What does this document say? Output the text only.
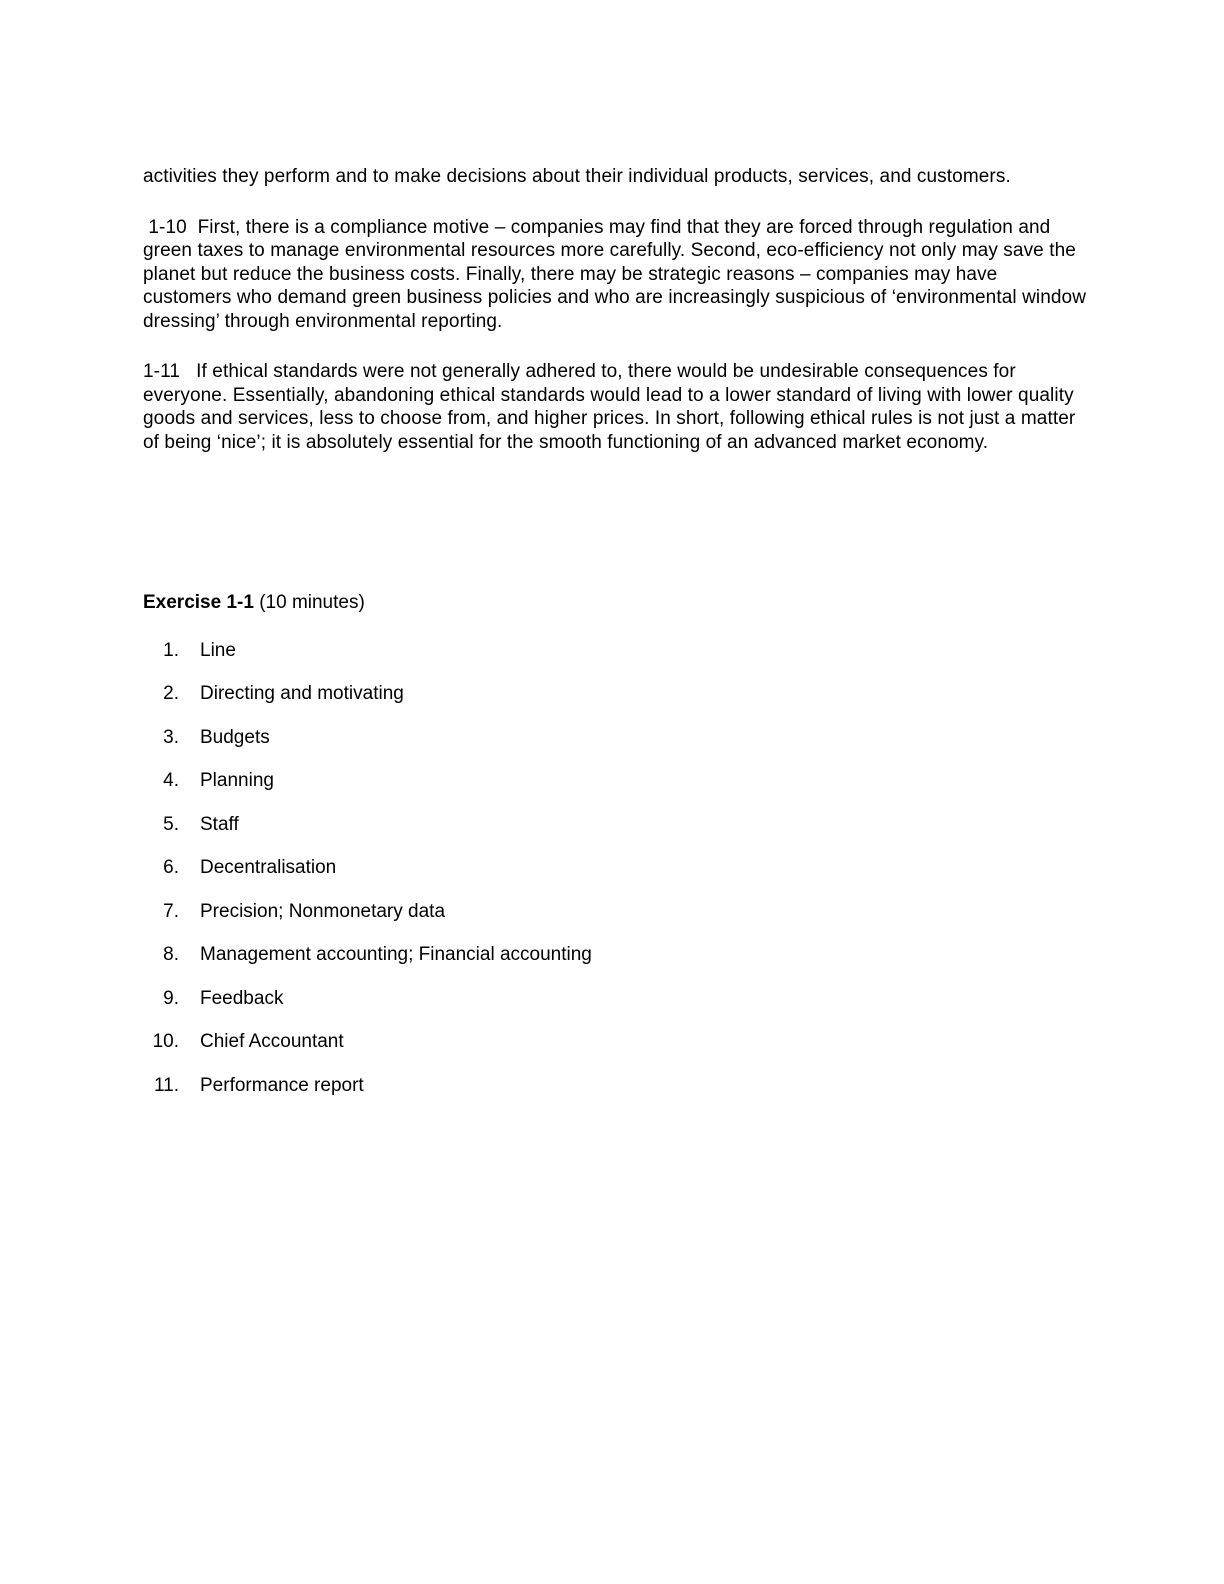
activities they perform and to make decisions about their individual products, services, and customers.

1-10  First, there is a compliance motive – companies may find that they are forced through regulation and green taxes to manage environmental resources more carefully. Second, eco-efficiency not only may save the planet but reduce the business costs. Finally, there may be strategic reasons – companies may have customers who demand green business policies and who are increasingly suspicious of ‘environmental window dressing’ through environmental reporting.

1-11   If ethical standards were not generally adhered to, there would be undesirable consequences for everyone. Essentially, abandoning ethical standards would lead to a lower standard of living with lower quality goods and services, less to choose from, and higher prices. In short, following ethical rules is not just a matter of being ‘nice’; it is absolutely essential for the smooth functioning of an advanced market economy.

Exercise 1-1 (10 minutes)

1. Line
2. Directing and motivating
3. Budgets
4. Planning
5. Staff
6. Decentralisation
7. Precision; Nonmonetary data
8. Management accounting; Financial accounting
9. Feedback
10. Chief Accountant
11. Performance report
